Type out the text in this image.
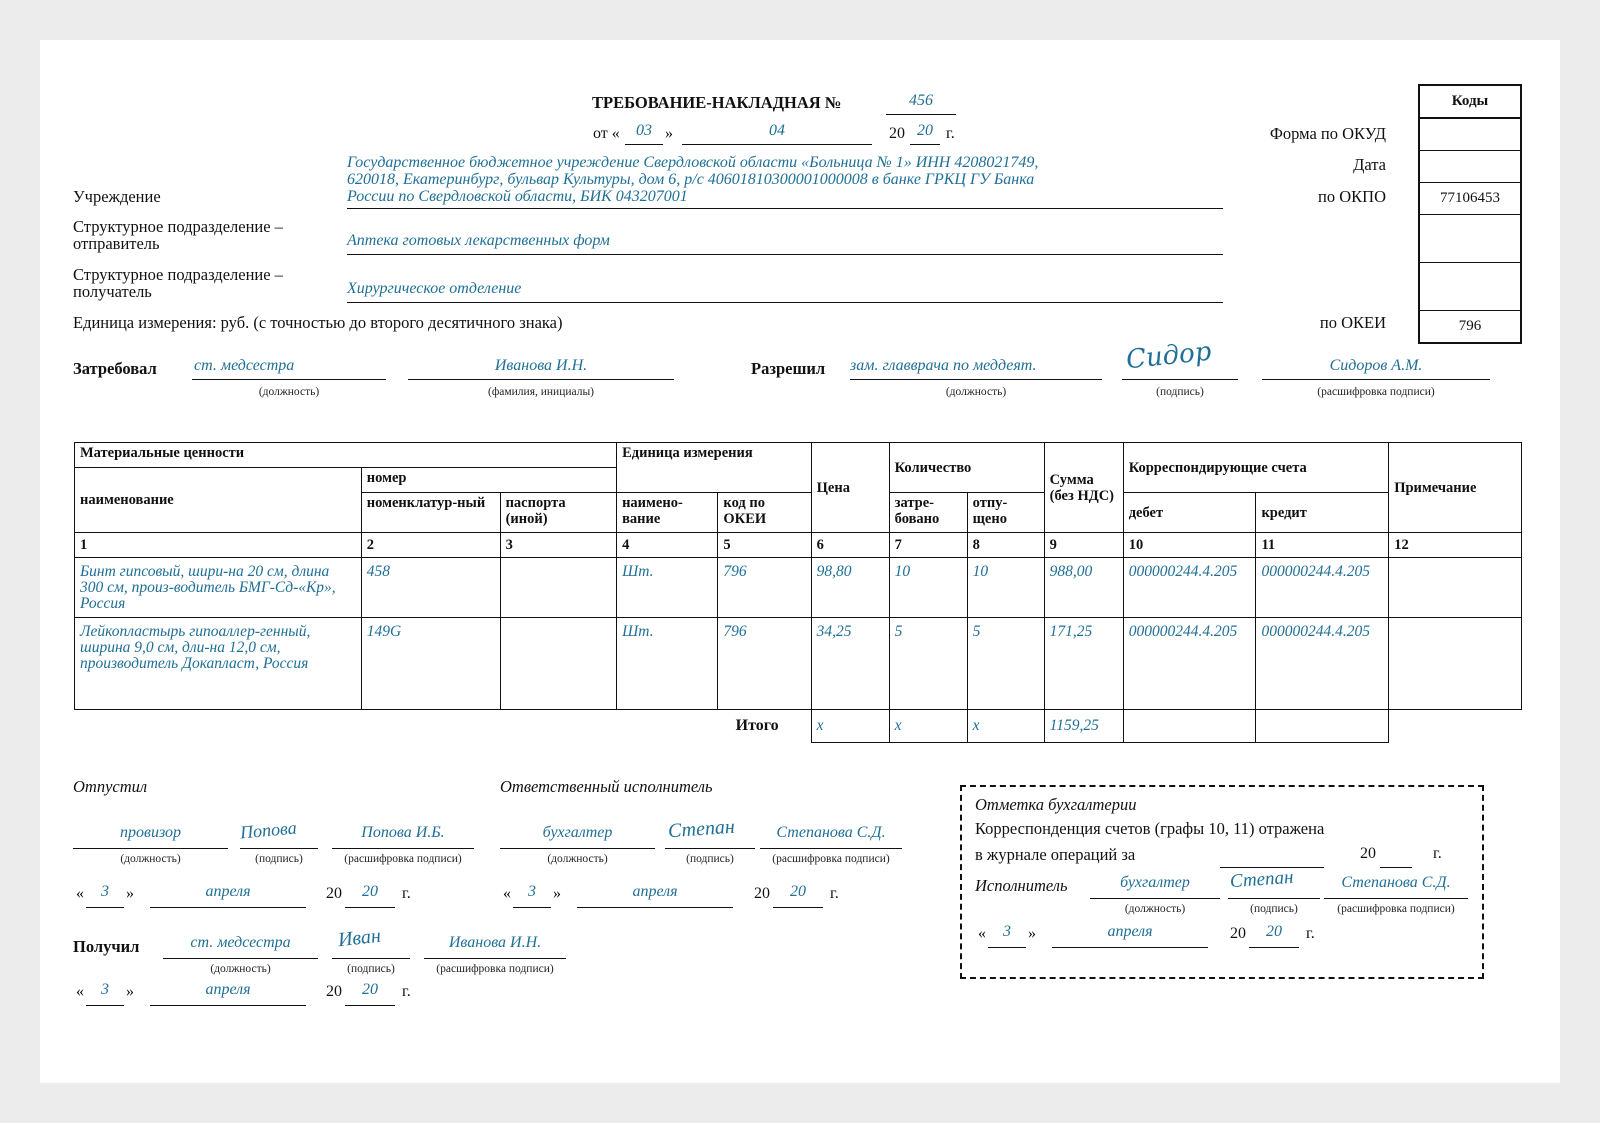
ТРЕБОВАНИЕ-НАКЛАДНАЯ №	456
от «	03 »	04	20 20 г.	Форма по ОКУД
Дата
по ОКПО
по ОКЕИ
Коды
77106453
796
Учреждение
Государственное бюджетное учреждение Свердловской области «Больница № 1» ИНН 4208021749,
620018, Екатеринбург, бульвар Культуры, дом 6, р/с 40601810300001000008 в банке ГРКЦ ГУ Банка
России по Свердловской области, БИК 043207001
Структурное подразделение –
отправитель	Аптека готовых лекарственных форм
Структурное подразделение –
получатель	Хирургическое отделение
Единица измерения: руб. (с точностью до второго десятичного знака)
Затребовал ст. медсестра
(должность)
Иванова И.Н.
(фамилия, инициалы)
Разрешил зам. главврача по меддеят.
(должность)
Сидор
(подпись)
Сидоров А.М.
(расшифровка подписи)
Материальные ценности			Единица измерения		Цена	Количество		Сумма (без НДС)	Корреспондирующие счета		Примечание
наименование	номер										
	номенклатур-ный	паспорта (иной)	наимено-вание	код по ОКЕИ		затре-бовано	отпу-щено		дебет	кредит	
1	2	3	4	5	6	7	8	9	10	11	12
Бинт гипсовый, шири-на 20 см, длина 300 см, произ-водитель БМГ-Сд-«Кр», Россия	458		Шт.	796	98,80	10	10	988,00	000000244.4.205	000000244.4.205	
Лейкопластырь гипоаллер-генный, ширина 9,0 см, дли-на 12,0 см, производитель Докапласт, Россия	149G		Шт.	796	34,25	5	5	171,25	000000244.4.205	000000244.4.205	
Итого					x	x	x	1159,25			
Отпустил
провизор
(должность)
Попова
(подпись)
Попова И.Б.
(расшифровка подписи)
«	3	»	апреля	20	20	г.
Ответственный исполнитель
бухгалтер
(должность)
Степан
(подпись)
Степанова С.Д.
(расшифровка подписи)
«	3	»	апреля	20	20	г.
Получил	ст. медсестра
(должность)
Иван
(подпись)
Иванова И.Н.
(расшифровка подписи)
«	3	»	апреля	20	20	г.
Отметка бухгалтерии
Корреспонденция счетов (графы 10, 11) отражена
в журнале операций за	20	г.
Исполнитель	бухгалтер
(должность)
Степан
(подпись)
Степанова С.Д.
(расшифровка подписи)
«	3	»	апреля	20	20	г.
